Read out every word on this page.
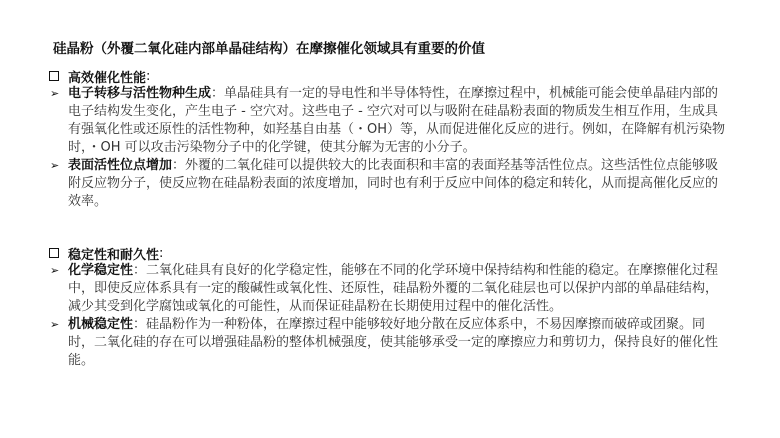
硅晶粉（外覆二氧化硅内部单晶硅结构）在摩擦催化领域具有重要的价值
高效催化性能 :
➢ 电子转移与活性物种生成：单晶硅具有一定的导电性和半导体特性，在摩擦过程中，机械能可能会使单晶硅内部的电子结构发生变化，产生电子 - 空穴对。这些电子 - 空穴对可以与吸附在硅晶粉表面的物质发生相互作用，生成具有强氧化性或还原性的活性物种，如羟基自由基（・OH）等，从而促进催化反应的进行。例如，在降解有机污染物时，・OH 可以攻击污染物分子中的化学键，使其分解为无害的小分子。
➢ 表面活性位点增加：外覆的二氧化硅可以提供较大的比表面积和丰富的表面羟基等活性位点。这些活性位点能够吸附反应物分子，使反应物在硅晶粉表面的浓度增加，同时也有利于反应中间体的稳定和转化，从而提高催化反应的效率。
稳定性和耐久性 :
➢ 化学稳定性：二氧化硅具有良好的化学稳定性，能够在不同的化学环境中保持结构和性能的稳定。在摩擦催化过程中，即使反应体系具有一定的酸碱性或氧化性、还原性，硅晶粉外覆的二氧化硅层也可以保护内部的单晶硅结构，减少其受到化学腐蚀或氧化的可能性，从而保证硅晶粉在长期使用过程中的催化活性。
➢ 机械稳定性：硅晶粉作为一种粉体，在摩擦过程中能够较好地分散在反应体系中，不易因摩擦而破碎或团聚。同时，二氧化硅的存在可以增强硅晶粉的整体机械强度，使其能够承受一定的摩擦应力和剪切力，保持良好的催化性能。
